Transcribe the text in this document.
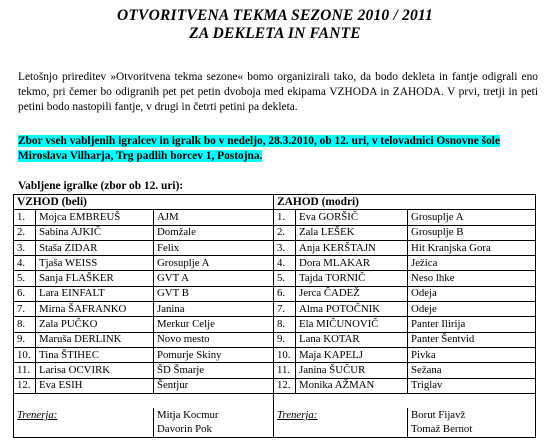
OTVORITVENA TEKMA SEZONE 2010 / 2011
ZA DEKLETA IN FANTE
Letošnjo prireditev »Otvoritvena tekma sezone« bomo organizirali tako, da bodo dekleta in fantje odigrali eno tekmo, pri čemer bo odigranih pet pet petin dvoboja med ekipama VZHODA in ZAHODA. V prvi, tretji in peti petini bodo nastopili fantje, v drugi in četrti petini pa dekleta.
Zbor vseh vabljenih igralcev in igralk bo v nedeljo, 28.3.2010, ob 12. uri, v telovadnici Osnovne šole Miroslava Vilharja, Trg padlih borcev 1, Postojna.
Vabljene igralke (zbor ob 12. uri):
VZHOD (beli)			ZAHOD (modri)		
1.	Mojca EMBREUŠ	AJM	1.	Eva GORŠIČ	Grosuplje A
2.	Sabina AJKIČ	Domžale	2.	Zala LEŠEK	Grosuplje B
3.	Staša ZIDAR	Felix	3.	Anja KERŠTAJN	Hit Kranjska Gora
4.	Tjaša WEISS	Grosuplje A	4.	Dora MLAKAR	Ježica
5.	Sanja FLAŠKER	GVT A	5.	Tajda TORNIČ	Neso lhke
6.	Lara EINFALT	GVT B	6.	Jerca ČADEŽ	Odeja
7.	Mirna ŠAFRANKO	Janina	7.	Alma POTOČNIK	Odeje
8.	Zala PUČKO	Merkur Celje	8.	Ela MIČUNOVIČ	Panter Ilirija
9.	Maruša DERLINK	Novo mesto	9.	Lana KOTAR	Panter Šentvid
10.	Tina ŠTIHEC	Pomurje Skiny	10.	Maja KAPELJ	Pivka
11.	Larisa OCVIRK	ŠD Šmarje	11.	Janina ŠUČUR	Sežana
12.	Eva ESIH	Šentjur	12.	Monika AŽMAN	Triglav

Trenerja:		Mitja Kocmur	Trenerja:		Borut Fijavž
		Davorin Pok			Tomaž Bernot
